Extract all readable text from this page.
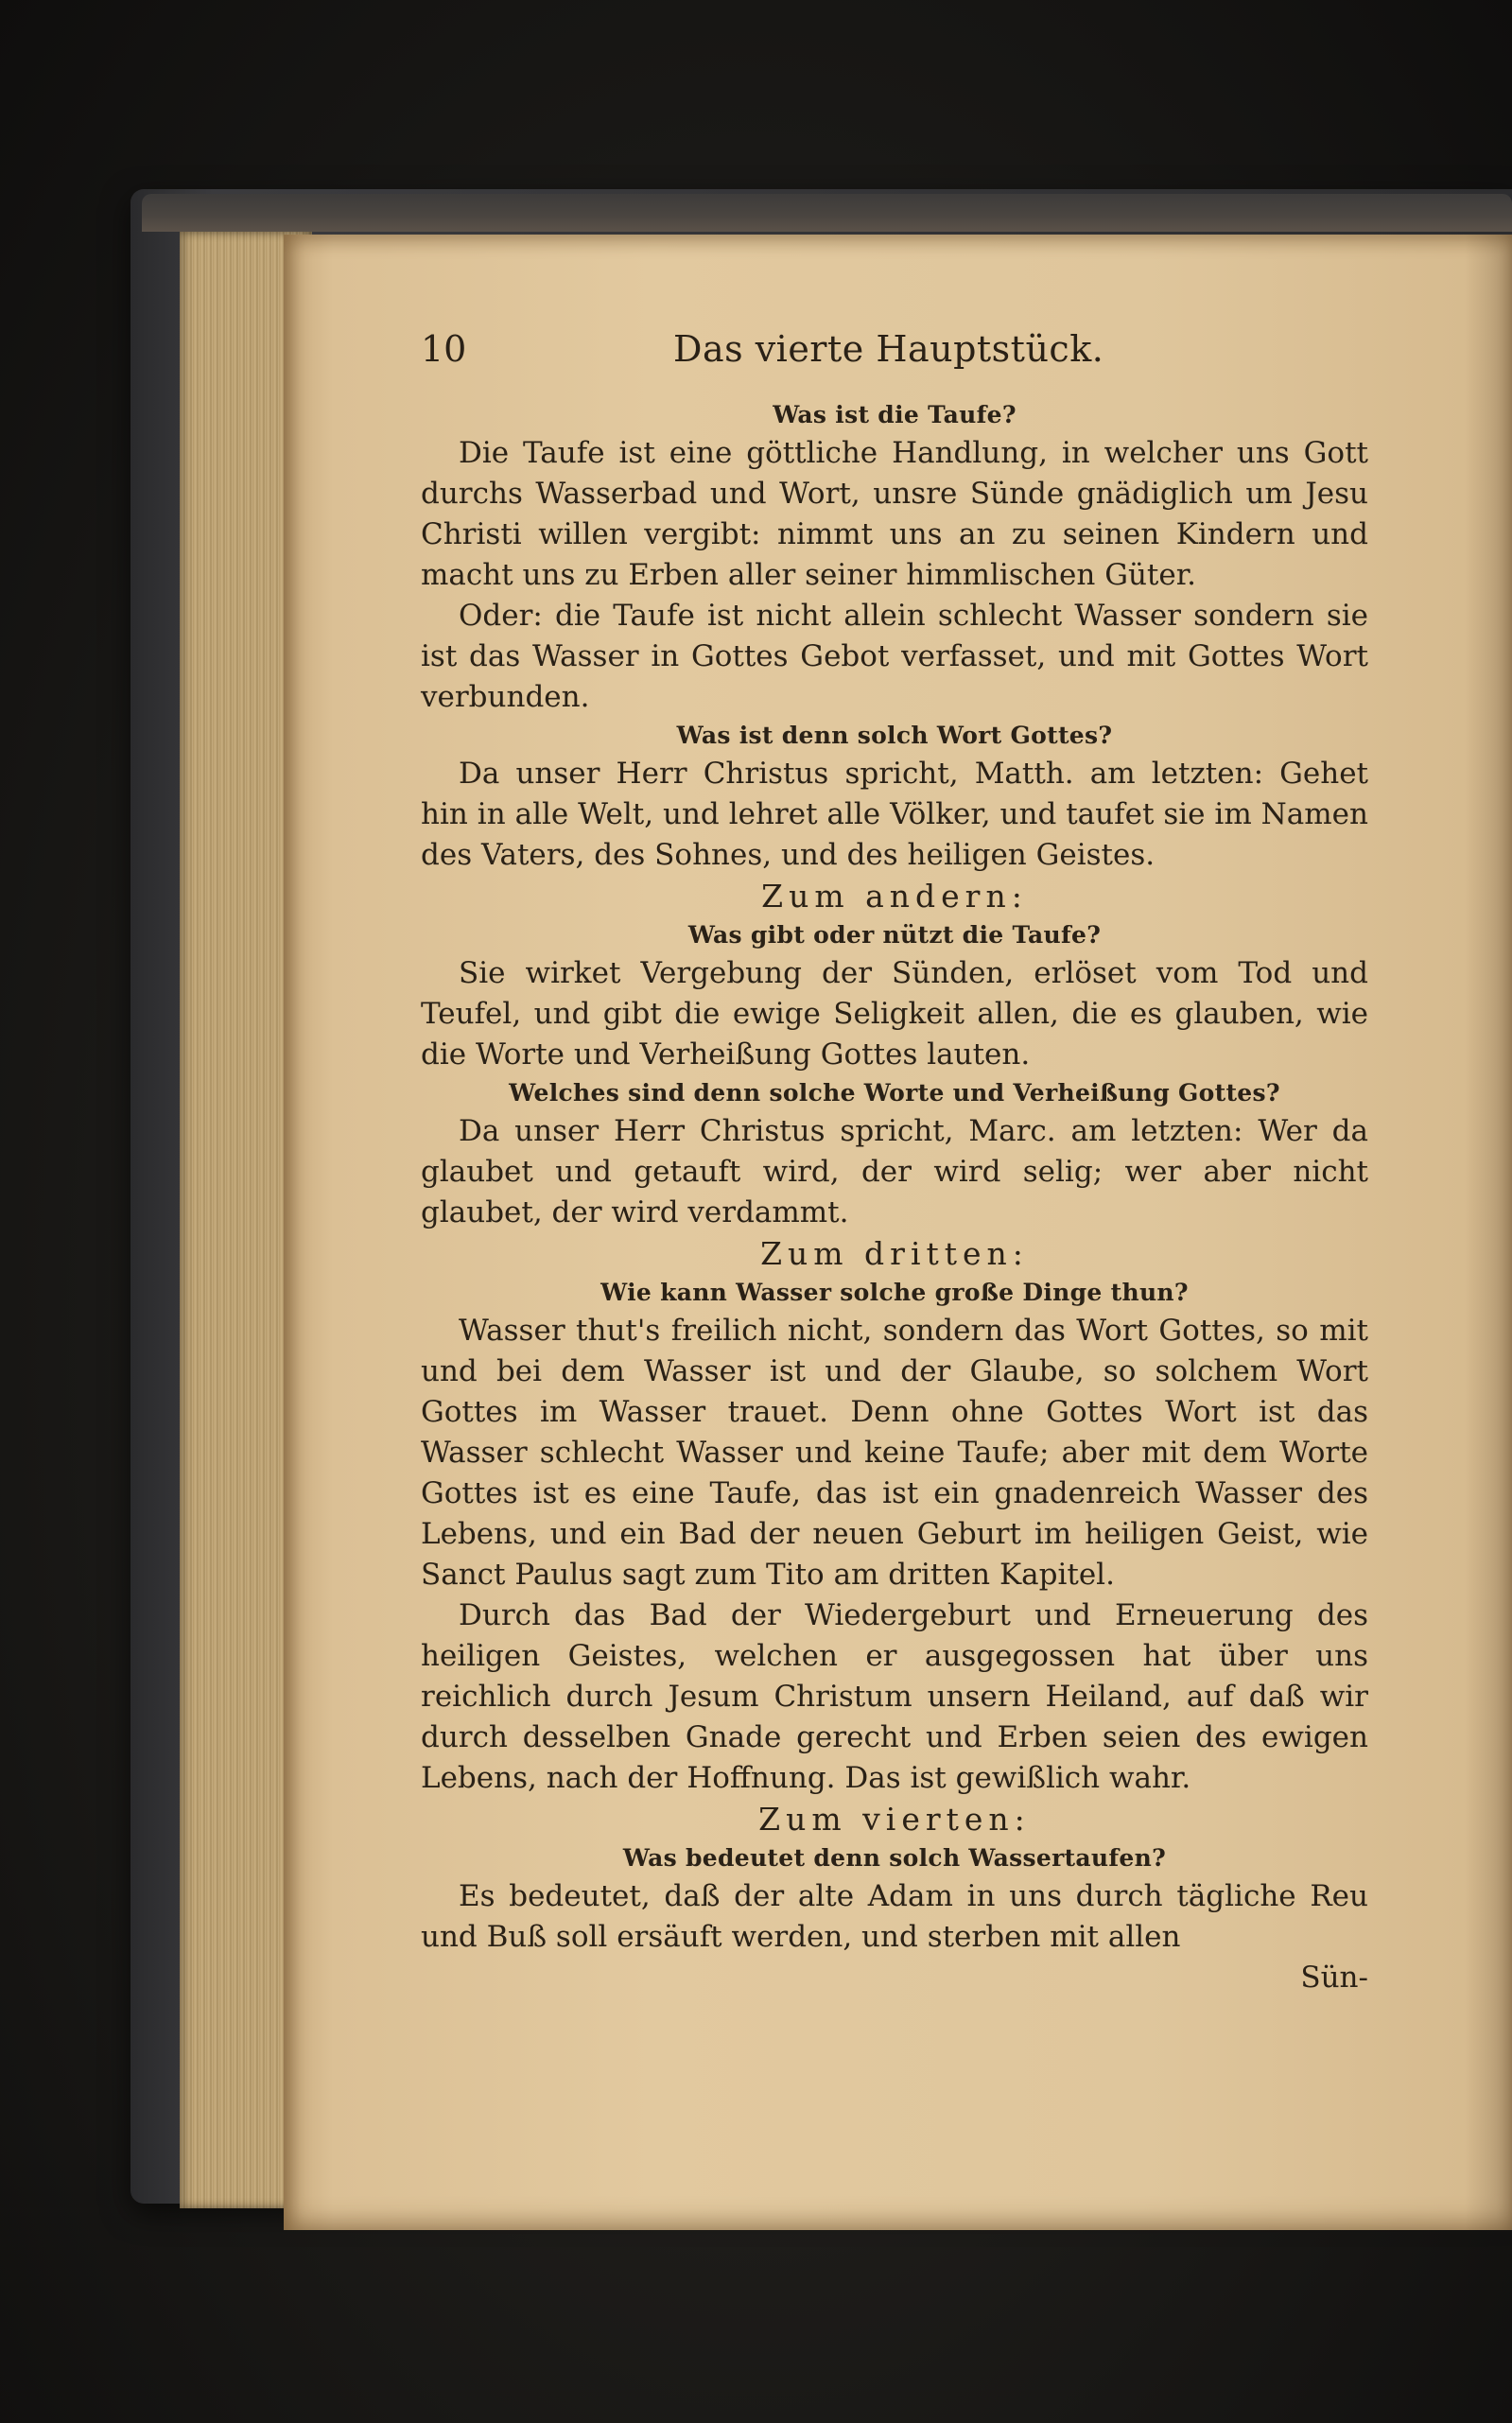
10	Das vierte Hauptstück.
Was ist die Taufe?

Die Taufe ist eine göttliche Handlung, in welcher uns Gott durchs Wasserbad und Wort, unsre Sünde gnädiglich um Jesu Christi willen vergibt: nimmt uns an zu seinen Kindern und macht uns zu Erben aller seiner himmlischen Güter.

Oder: die Taufe ist nicht allein schlecht Wasser sondern sie ist das Wasser in Gottes Gebot verfasset, und mit Gottes Wort verbunden.

Was ist denn solch Wort Gottes?

Da unser Herr Christus spricht, Matth. am letzten: Gehet hin in alle Welt, und lehret alle Völker, und taufet sie im Namen des Vaters, des Sohnes, und des heiligen Geistes.

Zum andern:
Was gibt oder nützt die Taufe?

Sie wirket Vergebung der Sünden, erlöset vom Tod und Teufel, und gibt die ewige Seligkeit allen, die es glauben, wie die Worte und Verheißung Gottes lauten.

Welches sind denn solche Worte und Verheißung Gottes?

Da unser Herr Christus spricht, Marc. am letzten: Wer da glaubet und getauft wird, der wird selig; wer aber nicht glaubet, der wird verdammt.

Zum dritten:
Wie kann Wasser solche große Dinge thun?

Wasser thut's freilich nicht, sondern das Wort Gottes, so mit und bei dem Wasser ist und der Glaube, so solchem Wort Gottes im Wasser trauet. Denn ohne Gottes Wort ist das Wasser schlecht Wasser und keine Taufe; aber mit dem Worte Gottes ist es eine Taufe, das ist ein gnadenreich Wasser des Lebens, und ein Bad der neuen Geburt im heiligen Geist, wie Sanct Paulus sagt zum Tito am dritten Kapitel.

Durch das Bad der Wiedergeburt und Erneuerung des heiligen Geistes, welchen er ausgegossen hat über uns reichlich durch Jesum Christum unsern Heiland, auf daß wir durch desselben Gnade gerecht und Erben seien des ewigen Lebens, nach der Hoffnung. Das ist gewißlich wahr.

Zum vierten:
Was bedeutet denn solch Wassertaufen?

Es bedeutet, daß der alte Adam in uns durch tägliche Reu und Buß soll ersäuft werden, und sterben mit allen

Sün-
